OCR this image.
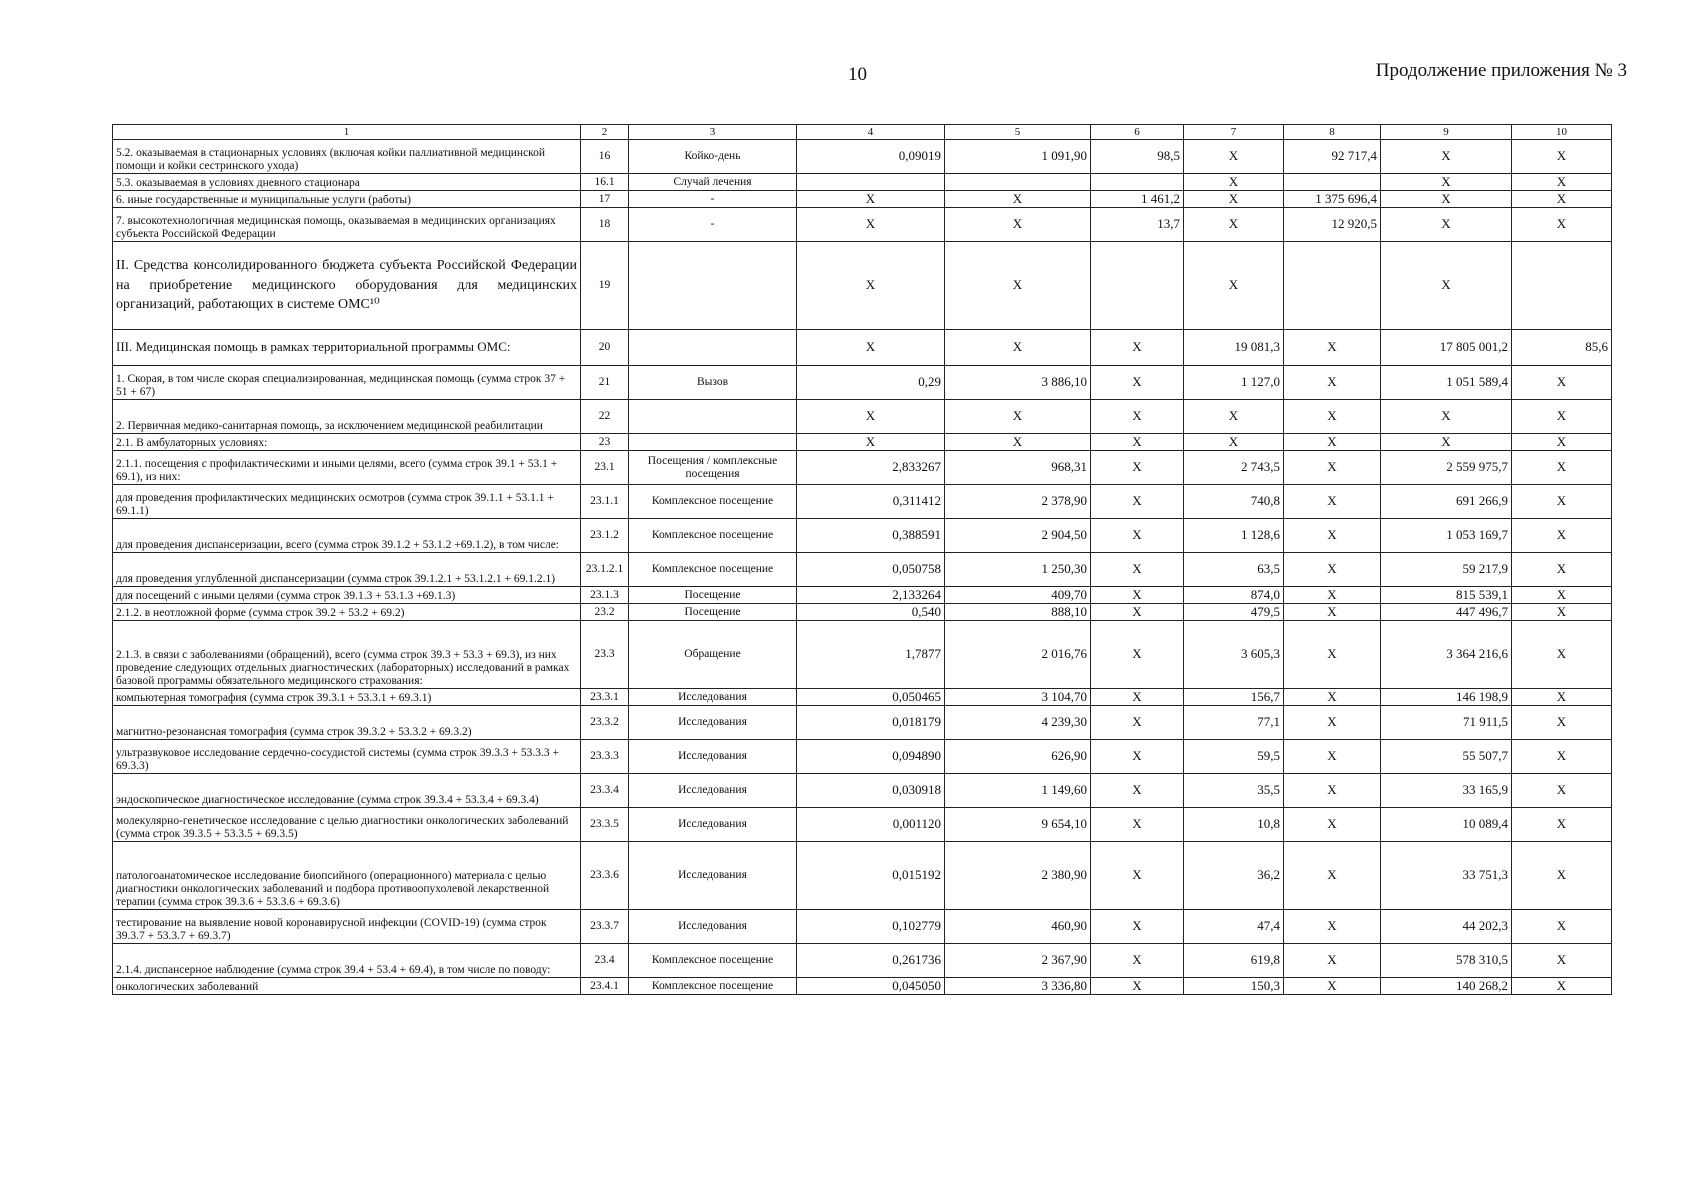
10	Продолжение приложения № 3
1	2	3	4	5	6	7	8	9	10
5.2. оказываемая в стационарных условиях (включая койки паллиативной медицинской помощи и койки сестринского ухода)	16	Койко-день	0,09019	1 091,90	98,5	X	92 717,4	X	X
5.3. оказываемая в условиях дневного стационара	16.1	Случай лечения				X		X	X
6. иные государственные и муниципальные услуги (работы)	17	-	X	X	1 461,2	X	1 375 696,4	X	X
7. высокотехнологичная медицинская помощь, оказываемая в медицинских организациях субъекта Российской Федерации	18	-	X	X	13,7	X	12 920,5	X	X
II. Средства консолидированного бюджета субъекта Российской Федерации на приобретение медицинского оборудования для медицинских организаций, работающих в системе ОМС¹⁰	19		X	X		X		X	
III. Медицинская помощь в рамках территориальной программы ОМС:	20		X	X	X	19 081,3	X	17 805 001,2	85,6
1. Скорая, в том числе скорая специализированная, медицинская помощь (сумма строк 37 + 51 + 67)	21	Вызов	0,29	3 886,10	X	1 127,0	X	1 051 589,4	X
2. Первичная медико-санитарная помощь, за исключением медицинской реабилитации	22		X	X	X	X	X	X	X
2.1. В амбулаторных условиях:	23		X	X	X	X	X	X	X
2.1.1. посещения с профилактическими и иными целями, всего (сумма строк 39.1 + 53.1 + 69.1), из них:	23.1	Посещения / комплексные посещения	2,833267	968,31	X	2 743,5	X	2 559 975,7	X
для проведения профилактических медицинских осмотров (сумма строк 39.1.1 + 53.1.1 + 69.1.1)	23.1.1	Комплексное посещение	0,311412	2 378,90	X	740,8	X	691 266,9	X
для проведения диспансеризации, всего (сумма строк 39.1.2 + 53.1.2 +69.1.2), в том числе:	23.1.2	Комплексное посещение	0,388591	2 904,50	X	1 128,6	X	1 053 169,7	X
для проведения углубленной диспансеризации (сумма строк 39.1.2.1 + 53.1.2.1 + 69.1.2.1)	23.1.2.1	Комплексное посещение	0,050758	1 250,30	X	63,5	X	59 217,9	X
для посещений с иными целями (сумма строк 39.1.3 + 53.1.3 +69.1.3)	23.1.3	Посещение	2,133264	409,70	X	874,0	X	815 539,1	X
2.1.2. в неотложной форме (сумма строк 39.2 + 53.2 + 69.2)	23.2	Посещение	0,540	888,10	X	479,5	X	447 496,7	X
2.1.3. в связи с заболеваниями (обращений), всего (сумма строк 39.3 + 53.3 + 69.3), из них проведение следующих отдельных диагностических (лабораторных) исследований в рамках базовой программы обязательного медицинского страхования:	23.3	Обращение	1,7877	2 016,76	X	3 605,3	X	3 364 216,6	X
компьютерная томография (сумма строк 39.3.1 + 53.3.1 + 69.3.1)	23.3.1	Исследования	0,050465	3 104,70	X	156,7	X	146 198,9	X
магнитно-резонансная томография (сумма строк 39.3.2 + 53.3.2 + 69.3.2)	23.3.2	Исследования	0,018179	4 239,30	X	77,1	X	71 911,5	X
ультразвуковое исследование сердечно-сосудистой системы (сумма строк 39.3.3 + 53.3.3 + 69.3.3)	23.3.3	Исследования	0,094890	626,90	X	59,5	X	55 507,7	X
эндоскопическое диагностическое исследование (сумма строк 39.3.4 + 53.3.4 + 69.3.4)	23.3.4	Исследования	0,030918	1 149,60	X	35,5	X	33 165,9	X
молекулярно-генетическое исследование с целью диагностики онкологических заболеваний (сумма строк 39.3.5 + 53.3.5 + 69.3.5)	23.3.5	Исследования	0,001120	9 654,10	X	10,8	X	10 089,4	X
патологоанатомическое исследование биопсийного (операционного) материала с целью диагностики онкологических заболеваний и подбора противоопухолевой лекарственной терапии (сумма строк 39.3.6 + 53.3.6 + 69.3.6)	23.3.6	Исследования	0,015192	2 380,90	X	36,2	X	33 751,3	X
тестирование на выявление новой коронавирусной инфекции (COVID-19) (сумма строк 39.3.7 + 53.3.7 + 69.3.7)	23.3.7	Исследования	0,102779	460,90	X	47,4	X	44 202,3	X
2.1.4. диспансерное наблюдение (сумма строк 39.4 + 53.4 + 69.4), в том числе по поводу:	23.4	Комплексное посещение	0,261736	2 367,90	X	619,8	X	578 310,5	X
онкологических заболеваний	23.4.1	Комплексное посещение	0,045050	3 336,80	X	150,3	X	140 268,2	X
